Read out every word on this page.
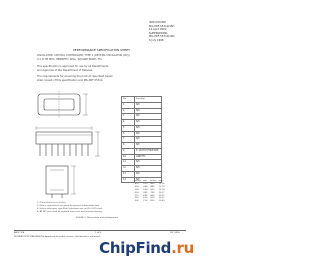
INCH-POUND
MIL-PRF-55310/16H
15 April 2002
SUPERSEDING
MIL-PRF-55310/16G
6 July 1998
PERFORMANCE SPECIFICATION SHEET
OSCILLATOR, CRYSTAL CONTROLLED, TYPE 1 (CRYSTAL OSCILLATOR (XO)),
0.1 to 85 MHz, HERMETIC SEAL, SQUARE WAVE, TTL
This specification is approved for use by all Departments
and Agencies of the Department of Defense.
The requirements for acquiring the product described herein
shall consist of this specification and MIL-PRF-55310.
Pin	Function
1	N/C
2	N/C
3	N/C
4	N/C
5	N/C
6	N/C
7	N/C
8	N/C
9	E, OUTPUT/TRISTATE
10	GND/TTL
11	N/C
12	N/C
13	N/C
14	N/C
Inches	mm	Inches	mm
.010	0.25	.400	10.16
.018	0.46	.480	12.19
.100	2.54	.600	15.24
.150	3.81	.798	20.27
.175	4.45	.800	20.32
.250	6.35	.810	20.57
.300	7.62	.820	20.83
1. Dimensions are in inches.
2. Metric equivalents are given for general information only.
3. Unless otherwise specified, tolerances are ±.010 (0.25 mm).
4. All N/C pins shall be isolated from case and internal circuitry.
FIGURE 1. Dimensions and configuration.
AMSC N/A	1 of 9	FSC 5955
DISTRIBUTION STATEMENT A. Approved for public release; distribution is unlimited.
ChipFind.ru
